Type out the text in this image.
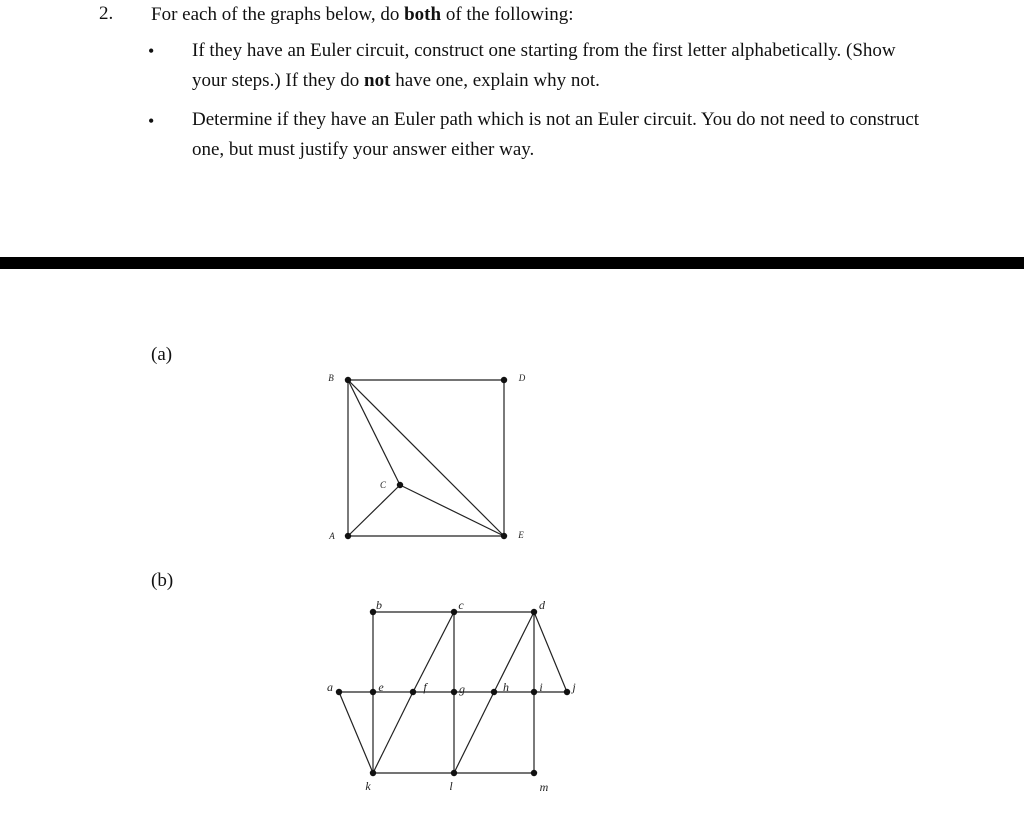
2. For each of the graphs below, do both of the following:
• If they have an Euler circuit, construct one starting from the first letter alphabetically. (Show your steps.) If they do not have one, explain why not.
• Determine if they have an Euler path which is not an Euler circuit. You do not need to construct one, but must justify your answer either way.
(a)
(b)
A
B
C
D
E
a
b	c	d
e	f	g	h	i j
k	l	m
